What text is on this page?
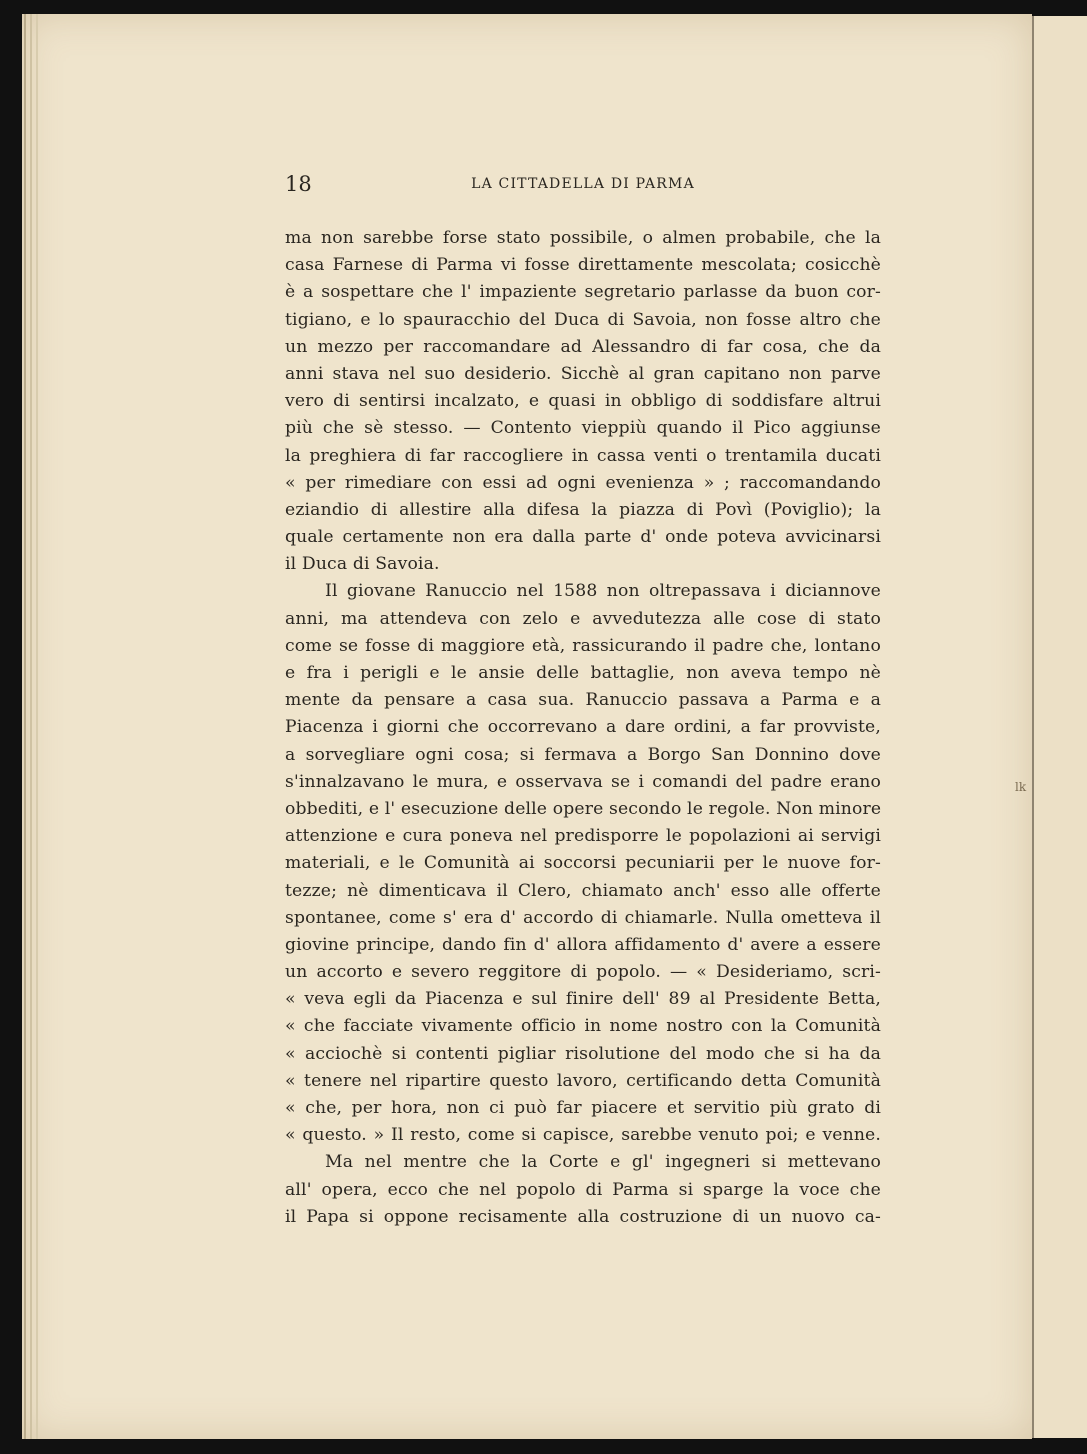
18	LA CITTADELLA DI PARMA
ma non sarebbe forse stato possibile, o almen probabile, che la
casa Farnese di Parma vi fosse direttamente mescolata; cosicchè
è a sospettare che l' impaziente segretario parlasse da buon cor-
tigiano, e lo spauracchio del Duca di Savoia, non fosse altro che
un mezzo per raccomandare ad Alessandro di far cosa, che da
anni stava nel suo desiderio. Sicchè al gran capitano non parve
vero di sentirsi incalzato, e quasi in obbligo di soddisfare altrui
più che sè stesso. — Contento vieppiù quando il Pico aggiunse
la preghiera di far raccogliere in cassa venti o trentamila ducati
« per rimediare con essi ad ogni evenienza » ; raccomandando
eziandio di allestire alla difesa la piazza di Povì (Poviglio); la
quale certamente non era dalla parte d' onde poteva avvicinarsi
il Duca di Savoia.
Il giovane Ranuccio nel 1588 non oltrepassava i diciannove
anni, ma attendeva con zelo e avvedutezza alle cose di stato
come se fosse di maggiore età, rassicurando il padre che, lontano
e fra i perigli e le ansie delle battaglie, non aveva tempo nè
mente da pensare a casa sua. Ranuccio passava a Parma e a
Piacenza i giorni che occorrevano a dare ordini, a far provviste,
a sorvegliare ogni cosa; si fermava a Borgo San Donnino dove
s'innalzavano le mura, e osservava se i comandi del padre erano
obbediti, e l' esecuzione delle opere secondo le regole. Non minore
attenzione e cura poneva nel predisporre le popolazioni ai servigi
materiali, e le Comunità ai soccorsi pecuniarii per le nuove for-
tezze; nè dimenticava il Clero, chiamato anch' esso alle offerte
spontanee, come s' era d' accordo di chiamarle. Nulla ometteva il
giovine principe, dando fin d' allora affidamento d' avere a essere
un accorto e severo reggitore di popolo. — « Desideriamo, scri-
« veva egli da Piacenza e sul finire dell' 89 al Presidente Betta,
« che facciate vivamente officio in nome nostro con la Comunità
« acciochè si contenti pigliar risolutione del modo che si ha da
« tenere nel ripartire questo lavoro, certificando detta Comunità
« che, per hora, non ci può far piacere et servitio più grato di
« questo. » Il resto, come si capisce, sarebbe venuto poi; e venne.
Ma nel mentre che la Corte e gl' ingegneri si mettevano
all' opera, ecco che nel popolo di Parma si sparge la voce che
il Papa si oppone recisamente alla costruzione di un nuovo ca-
lk
